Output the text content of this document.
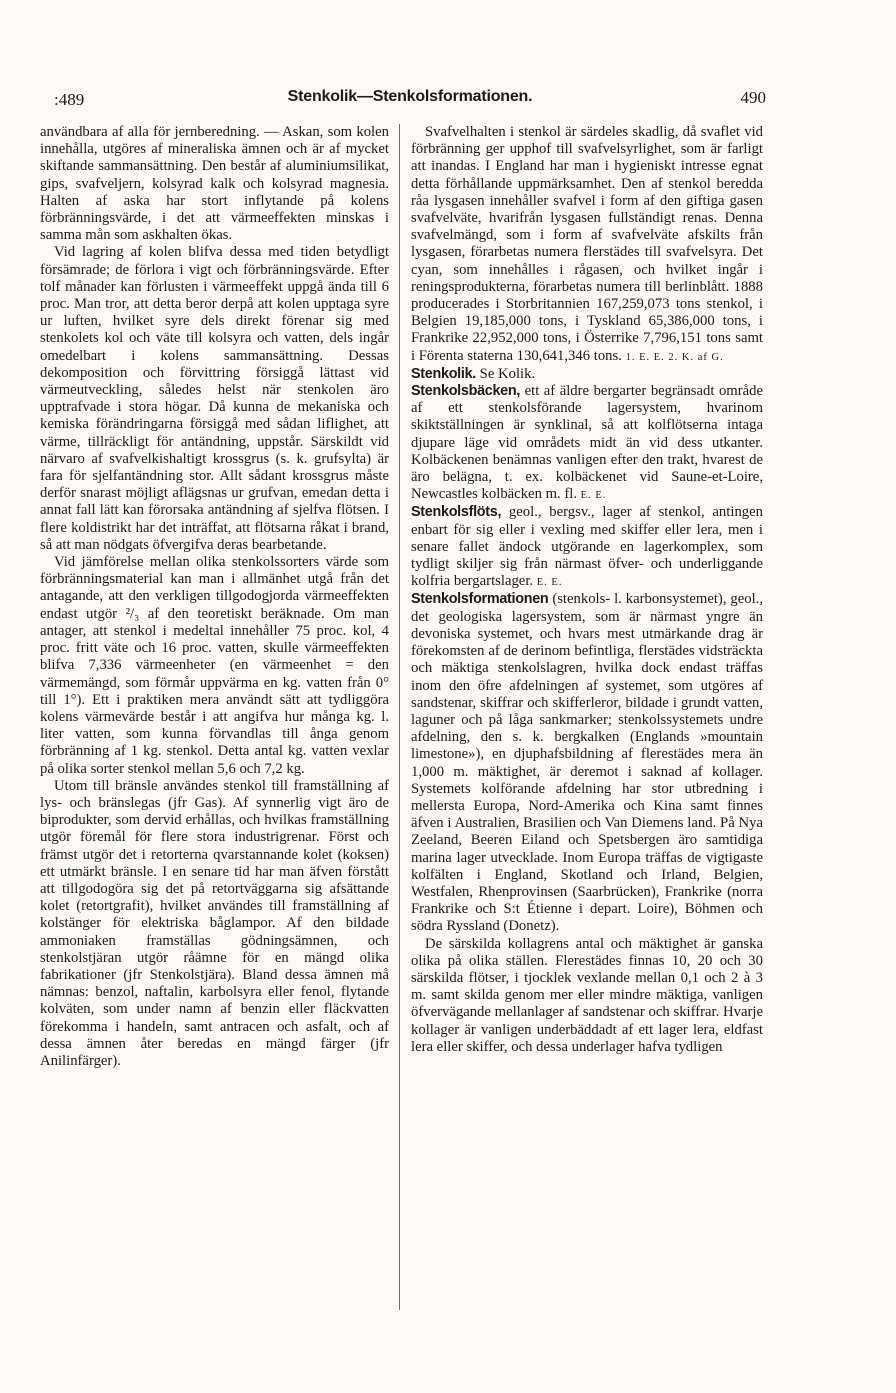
:489	Stenkolik—Stenkolsformationen.	490

användbara af alla för jernberedning. — Askan, som kolen innehålla, utgöres af mineraliska ämnen och är af mycket skiftande sammansättning. Den består af aluminiumsilikat, gips, svafveljern, kolsyrad kalk och kolsyrad magnesia. Halten af aska har stort inflytande på kolens förbränningsvärde, i det att värmeeffekten minskas i samma mån som askhalten ökas.

Vid lagring af kolen blifva dessa med tiden betydligt försämrade; de förlora i vigt och förbränningsvärde. Efter tolf månader kan förlusten i värmeeffekt uppgå ända till 6 proc. Man tror, att detta beror derpå att kolen upptaga syre ur luften, hvilket syre dels direkt förenar sig med stenkolets kol och väte till kolsyra och vatten, dels ingår omedelbart i kolens sammansättning. Dessas dekomposition och förvittring försiggå lättast vid värmeutveckling, således helst när stenkolen äro upptrafvade i stora högar. Då kunna de mekaniska och kemiska förändringarna försiggå med sådan liflighet, att värme, tillräckligt för antändning, uppstår. Särskildt vid närvaro af svafvelkishaltigt krossgrus (s. k. grufsylta) är fara för sjelfantändning stor. Allt sådant krossgrus måste derför snarast möjligt aflägsnas ur grufvan, emedan detta i annat fall lätt kan förorsaka antändning af sjelfva flötsen. I flere koldistrikt har det inträffat, att flötsarna råkat i brand, så att man nödgats öfvergifva deras bearbetande.

Vid jämförelse mellan olika stenkolssorters värde som förbränningsmaterial kan man i allmänhet utgå från det antagande, att den verkligen tillgodogjorda värmeeffekten endast utgör ²/₃ af den teoretiskt beräknade. Om man antager, att stenkol i medeltal innehåller 75 proc. kol, 4 proc. fritt väte och 16 proc. vatten, skulle värmeeffekten blifva 7,336 värmeenheter (en värmeenhet = den värmemängd, som förmår uppvärma en kg. vatten från 0° till 1°). Ett i praktiken mera användt sätt att tydliggöra kolens värmevärde består i att angifva hur många kg. l. liter vatten, som kunna förvandlas till ånga genom förbränning af 1 kg. stenkol. Detta antal kg. vatten vexlar på olika sorter stenkol mellan 5,6 och 7,2 kg.

Utom till bränsle användes stenkol till framställning af lys- och bränslegas (jfr Gas). Af synnerlig vigt äro de biprodukter, som dervid erhållas, och hvilkas framställning utgör föremål för flere stora industrigrenar. Först och främst utgör det i retorterna qvarstannande kolet (koksen) ett utmärkt bränsle. I en senare tid har man äfven förstått att tillgodogöra sig det på retortväggarna sig afsättande kolet (retortgrafit), hvilket användes till framställning af kolstänger för elektriska båglampor. Af den bildade ammoniaken framställas gödningsämnen, och stenkolstjäran utgör råämne för en mängd olika fabrikationer (jfr Stenkolstjära). Bland dessa ämnen må nämnas: benzol, naftalin, karbolsyra eller fenol, flytande kolväten, som under namn af benzin eller fläckvatten förekomma i handeln, samt antracen och asfalt, och af dessa ämnen åter beredas en mängd färger (jfr Anilinfärger).

Svafvelhalten i stenkol är särdeles skadlig, då svaflet vid förbränning ger upphof till svafvelsyrlighet, som är farligt att inandas. I England har man i hygieniskt intresse egnat detta förhållande uppmärksamhet. Den af stenkol beredda råa lysgasen innehåller svafvel i form af den giftiga gasen svafvelväte, hvarifrån lysgasen fullständigt renas. Denna svafvelmängd, som i form af svafvelväte afskilts från lysgasen, förarbetas numera flerstädes till svafvelsyra. Det cyan, som innehålles i rågasen, och hvilket ingår i reningsprodukterna, förarbetas numera till berlinblått. 1888 producerades i Storbritannien 167,259,073 tons stenkol, i Belgien 19,185,000 tons, i Tyskland 65,386,000 tons, i Frankrike 22,952,000 tons, i Österrike 7,796,151 tons samt i Förenta staterna 130,641,346 tons. 1. E. E. 2. K. af G.

Stenkolik. Se Kolik.

Stenkolsbäcken, ett af äldre bergarter begränsadt område af ett stenkolsförande lagersystem, hvarinom skiktställningen är synklinal, så att kolflötserna intaga djupare läge vid områdets midt än vid dess utkanter. Kolbäckenen benämnas vanligen efter den trakt, hvarest de äro belägna, t. ex. kolbäckenet vid Saune-et-Loire, Newcastles kolbäcken m. fl. E. E.

Stenkolsflöts, geol., bergsv., lager af stenkol, antingen enbart för sig eller i vexling med skiffer eller lera, men i senare fallet ändock utgörande en lagerkomplex, som tydligt skiljer sig från närmast öfver- och underliggande kolfria bergartslager. E. E.

Stenkolsformationen (stenkols- l. karbonsystemet), geol., det geologiska lagersystem, som är närmast yngre än devoniska systemet, och hvars mest utmärkande drag är förekomsten af de derinom befintliga, flerstädes vidsträckta och mäktiga stenkolslagren, hvilka dock endast träffas inom den öfre afdelningen af systemet, som utgöres af sandstenar, skiffrar och skifferleror, bildade i grundt vatten, laguner och på låga sankmarker; stenkolssystemets undre afdelning, den s. k. bergkalken (Englands »mountain limestone»), en djuphafsbildning af flerestädes mera än 1,000 m. mäktighet, är deremot i saknad af kollager. Systemets kolförande afdelning har stor utbredning i mellersta Europa, Nord-Amerika och Kina samt finnes äfven i Australien, Brasilien och Van Diemens land. På Nya Zeeland, Beeren Eiland och Spetsbergen äro samtidiga marina lager utvecklade. Inom Europa träffas de vigtigaste kolfälten i England, Skotland och Irland, Belgien, Westfalen, Rhenprovinsen (Saarbrücken), Frankrike (norra Frankrike och S:t Étienne i depart. Loire), Böhmen och södra Ryssland (Donetz).

De särskilda kollagrens antal och mäktighet är ganska olika på olika ställen. Flerestädes finnas 10, 20 och 30 särskilda flötser, i tjocklek vexlande mellan 0,1 och 2 à 3 m. samt skilda genom mer eller mindre mäktiga, vanligen öfvervägande mellanlager af sandstenar och skiffrar. Hvarje kollager är vanligen underbäddadt af ett lager lera, eldfast lera eller skiffer, och dessa underlager hafva tydligen
